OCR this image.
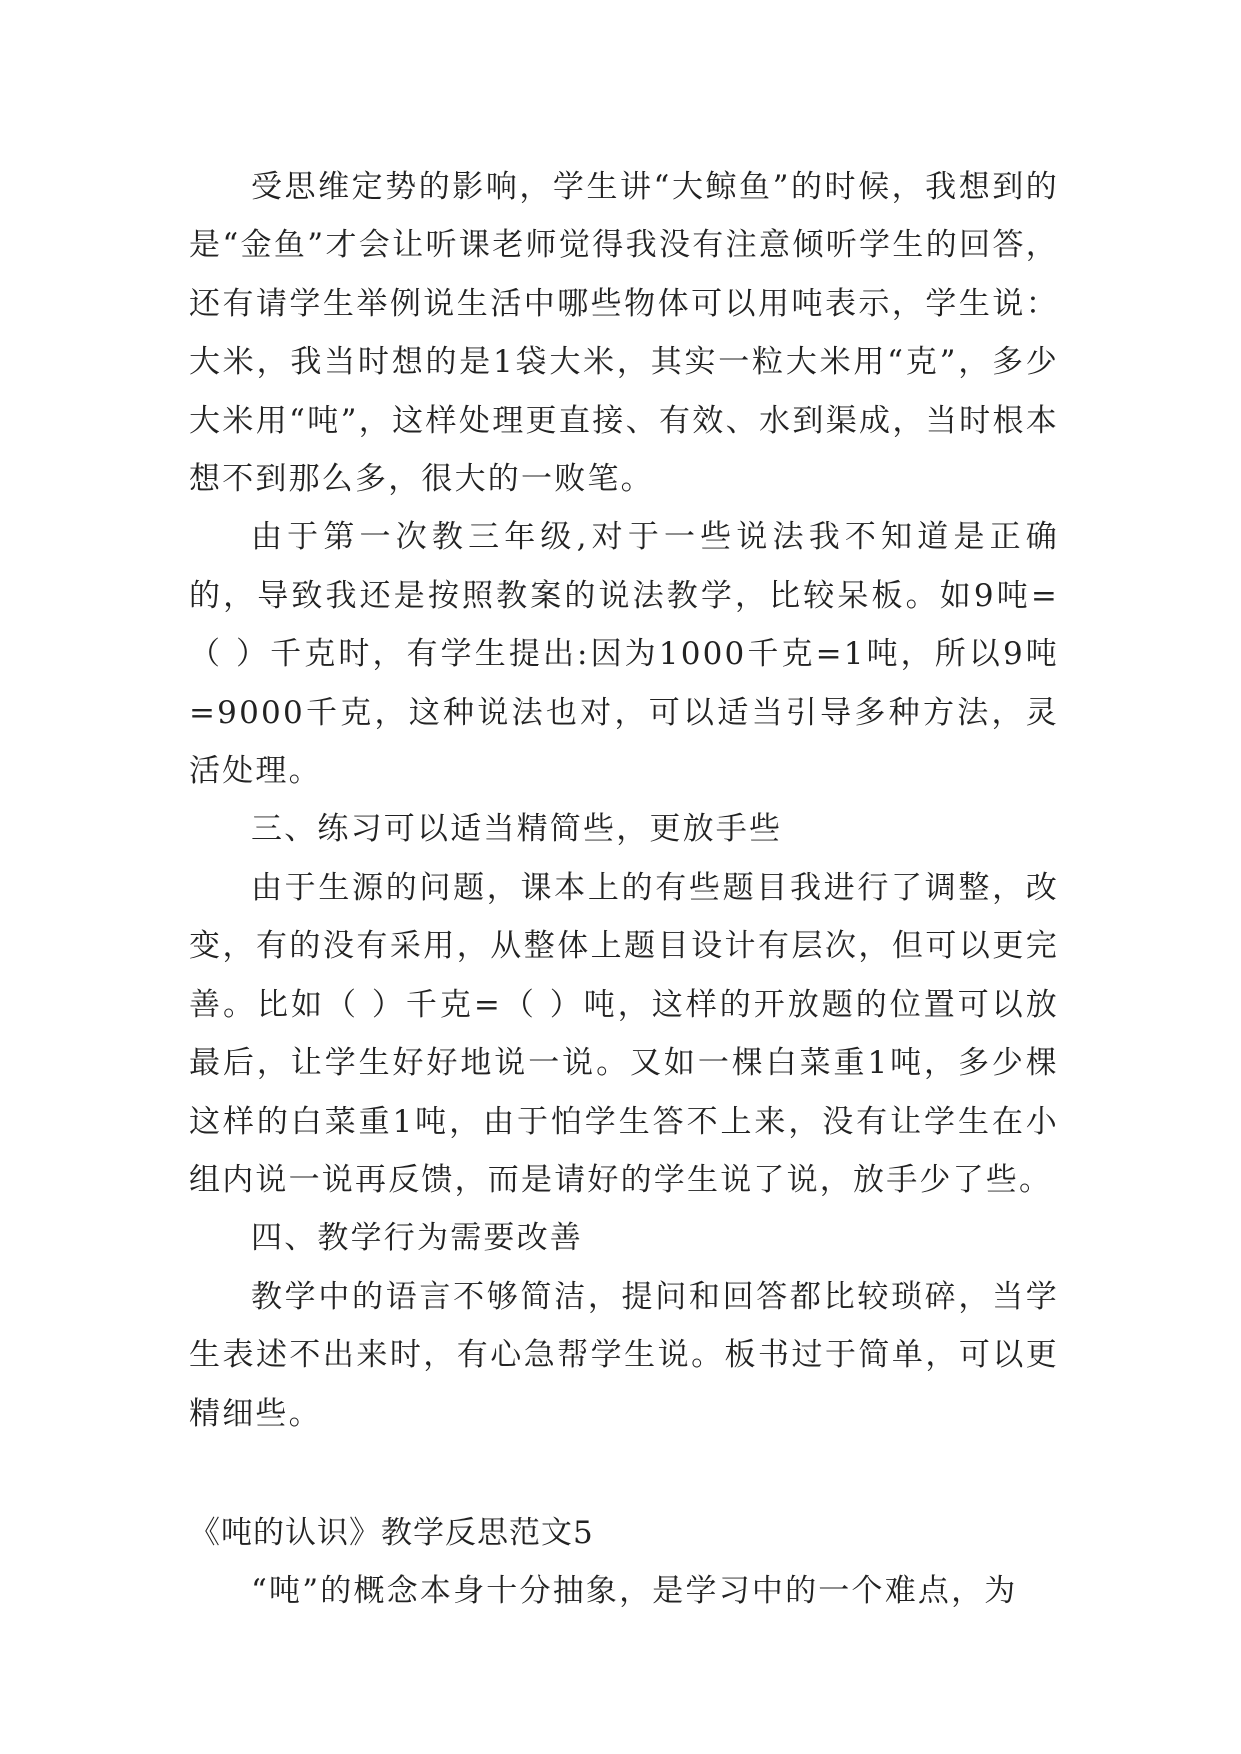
受思维定势的影响，学生讲“大鲸鱼”的时候，我想到的是“金鱼”才会让听课老师觉得我没有注意倾听学生的回答，还有请学生举例说生活中哪些物体可以用吨表示，学生说：大米，我当时想的是1袋大米，其实一粒大米用“克”，多少大米用“吨”，这样处理更直接、有效、水到渠成，当时根本想不到那么多，很大的一败笔。

由于第一次教三年级,对于一些说法我不知道是正确的，导致我还是按照教案的说法教学，比较呆板。如9吨=（ ）千克时，有学生提出:因为1000千克=1吨，所以9吨=9000千克，这种说法也对，可以适当引导多种方法，灵活处理。

三、练习可以适当精简些，更放手些

由于生源的问题，课本上的有些题目我进行了调整，改变，有的没有采用，从整体上题目设计有层次，但可以更完善。比如（ ）千克=（ ）吨，这样的开放题的位置可以放最后，让学生好好地说一说。又如一棵白菜重1吨，多少棵这样的白菜重1吨，由于怕学生答不上来，没有让学生在小组内说一说再反馈，而是请好的学生说了说，放手少了些。

四、教学行为需要改善

教学中的语言不够简洁，提问和回答都比较琐碎，当学生表述不出来时，有心急帮学生说。板书过于简单，可以更精细些。

《吨的认识》教学反思范文5

“吨”的概念本身十分抽象，是学习中的一个难点，为
